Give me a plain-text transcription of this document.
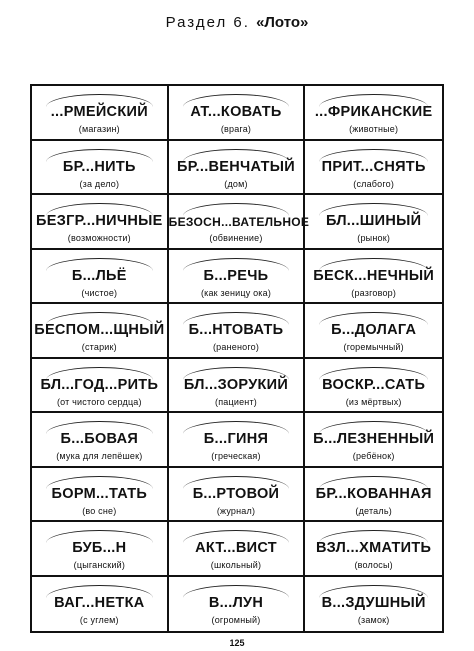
Раздел 6. «Лото»
...РМЕЙСКИЙ
(магазин)
АТ...КОВАТЬ
(врага)
...ФРИКАНСКИЕ
(животные)
БР...НИТЬ
(за дело)
БР...ВЕНЧАТЫЙ
(дом)
ПРИТ...СНЯТЬ
(слабого)
БЕЗГР...НИЧНЫЕ
(возможности)
БЕЗОСН...ВАТЕЛЬНОЕ
(обвинение)
БЛ...ШИНЫЙ
(рынок)
Б...ЛЬЁ
(чистое)
Б...РЕЧЬ
(как зеницу ока)
БЕСК...НЕЧНЫЙ
(разговор)
БЕСПОМ...ЩНЫЙ
(старик)
Б...НТОВАТЬ
(раненого)
Б...ДОЛАГА
(горемычный)
БЛ...ГОД...РИТЬ
(от чистого сердца)
БЛ...ЗОРУКИЙ
(пациент)
ВОСКР...САТЬ
(из мёртвых)
Б...БОВАЯ
(мука для лепёшек)
Б...ГИНЯ
(греческая)
Б...ЛЕЗНЕННЫЙ
(ребёнок)
БОРМ...ТАТЬ
(во сне)
Б...РТОВОЙ
(журнал)
БР...КОВАННАЯ
(деталь)
БУБ...Н
(цыганский)
АКТ...ВИСТ
(школьный)
ВЗЛ...ХМАТИТЬ
(волосы)
ВАГ...НЕТКА
(с углем)
В...ЛУН
(огромный)
В...ЗДУШНЫЙ
(замок)
125
